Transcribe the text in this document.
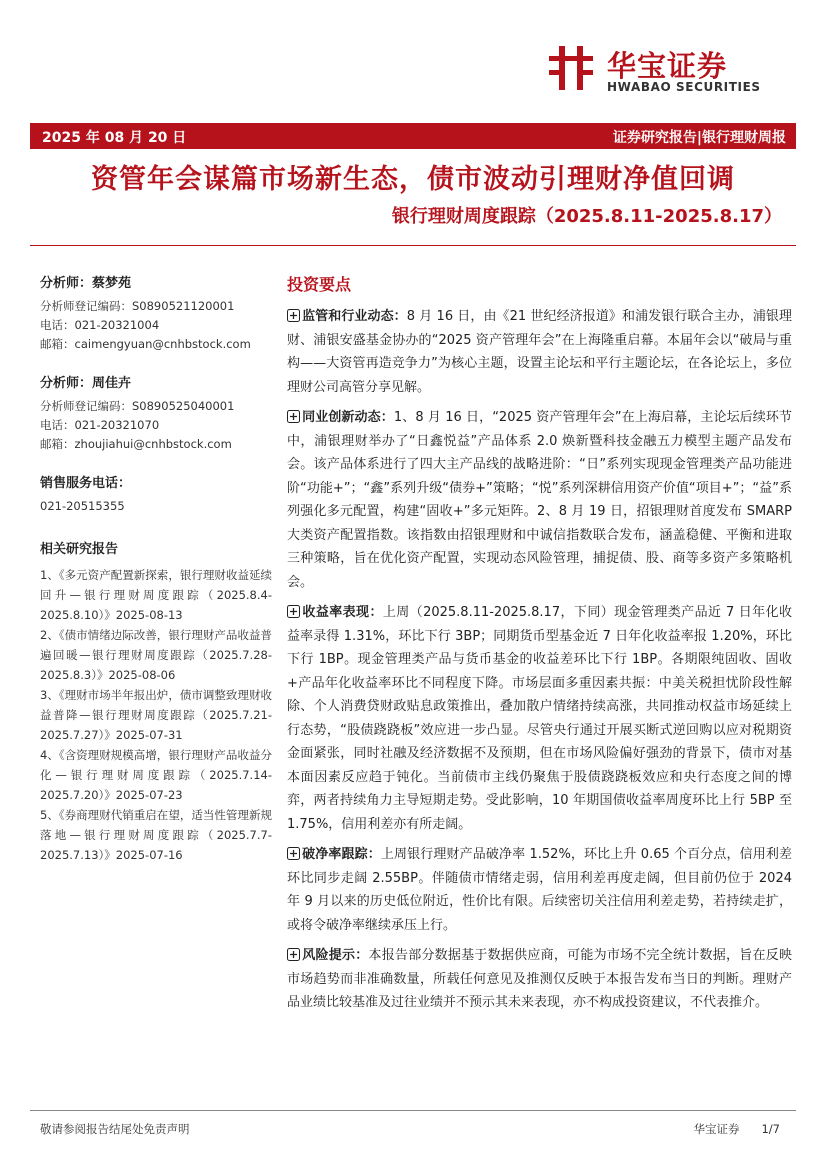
华宝证券
HWABAO SECURITIES
2025 年 08 月 20 日	证券研究报告|银行理财周报
资管年会谋篇市场新生态，债市波动引理财净值回调
银行理财周度跟踪（2025.8.11-2025.8.17）
分析师：蔡梦苑
分析师登记编码：S0890521120001
电话：021-20321004
邮箱：caimengyuan@cnhbstock.com
分析师：周佳卉
分析师登记编码：S0890525040001
电话：021-20321070
邮箱：zhoujiahui@cnhbstock.com
销售服务电话：
021-20515355
相关研究报告
1、《多元资产配置新探索，银行理财收益延续回升—银行理财周度跟踪（2025.8.4-2025.8.10）》2025-08-13
2、《债市情绪边际改善，银行理财产品收益普遍回暖—银行理财周度跟踪（2025.7.28-2025.8.3）》2025-08-06
3、《理财市场半年报出炉，债市调整致理财收益普降—银行理财周度跟踪（2025.7.21-2025.7.27）》2025-07-31
4、《含资理财规模高增，银行理财产品收益分化—银行理财周度跟踪（2025.7.14-2025.7.20）》2025-07-23
5、《券商理财代销重启在望，适当性管理新规落地—银行理财周度跟踪（2025.7.7-2025.7.13）》2025-07-16
投资要点
监管和行业动态：8 月 16 日，由《21 世纪经济报道》和浦发银行联合主办，浦银理财、浦银安盛基金协办的“2025 资产管理年会”在上海隆重启幕。本届年会以“破局与重构——大资管再造竞争力”为核心主题，设置主论坛和平行主题论坛，在各论坛上，多位理财公司高管分享见解。
同业创新动态：1、8 月 16 日，“2025 资产管理年会”在上海启幕，主论坛后续环节中，浦银理财举办了“日鑫悦益”产品体系 2.0 焕新暨科技金融五力模型主题产品发布会。该产品体系进行了四大主产品线的战略进阶：“日”系列实现现金管理类产品功能进阶“功能+”；“鑫”系列升级“债券+”策略；“悦”系列深耕信用资产价值“项目+”；“益”系列强化多元配置，构建“固收+”多元矩阵。2、8 月 19 日，招银理财首度发布 SMARP 大类资产配置指数。该指数由招银理财和中诚信指数联合发布，涵盖稳健、平衡和进取三种策略，旨在优化资产配置，实现动态风险管理，捕捉债、股、商等多资产多策略机会。
收益率表现：上周（2025.8.11-2025.8.17，下同）现金管理类产品近 7 日年化收益率录得 1.31%，环比下行 3BP；同期货币型基金近 7 日年化收益率报 1.20%，环比下行 1BP。现金管理类产品与货币基金的收益差环比下行 1BP。各期限纯固收、固收+产品年化收益率环比不同程度下降。市场层面多重因素共振：中美关税担忧阶段性解除、个人消费贷财政贴息政策推出，叠加散户情绪持续高涨，共同推动权益市场延续上行态势，“股债跷跷板”效应进一步凸显。尽管央行通过开展买断式逆回购以应对税期资金面紧张，同时社融及经济数据不及预期，但在市场风险偏好强劲的背景下，债市对基本面因素反应趋于钝化。当前债市主线仍聚焦于股债跷跷板效应和央行态度之间的博弈，两者持续角力主导短期走势。受此影响，10 年期国债收益率周度环比上行 5BP 至 1.75%，信用利差亦有所走阔。
破净率跟踪：上周银行理财产品破净率 1.52%，环比上升 0.65 个百分点，信用利差环比同步走阔 2.55BP。伴随债市情绪走弱，信用利差再度走阔，但目前仍位于 2024 年 9 月以来的历史低位附近，性价比有限。后续密切关注信用利差走势，若持续走扩，或将令破净率继续承压上行。
风险提示：本报告部分数据基于数据供应商，可能为市场不完全统计数据，旨在反映市场趋势而非准确数量，所载任何意见及推测仅反映于本报告发布当日的判断。理财产品业绩比较基准及过往业绩并不预示其未来表现，亦不构成投资建议，不代表推介。
敬请参阅报告结尾处免责声明	华宝证券 1/7
